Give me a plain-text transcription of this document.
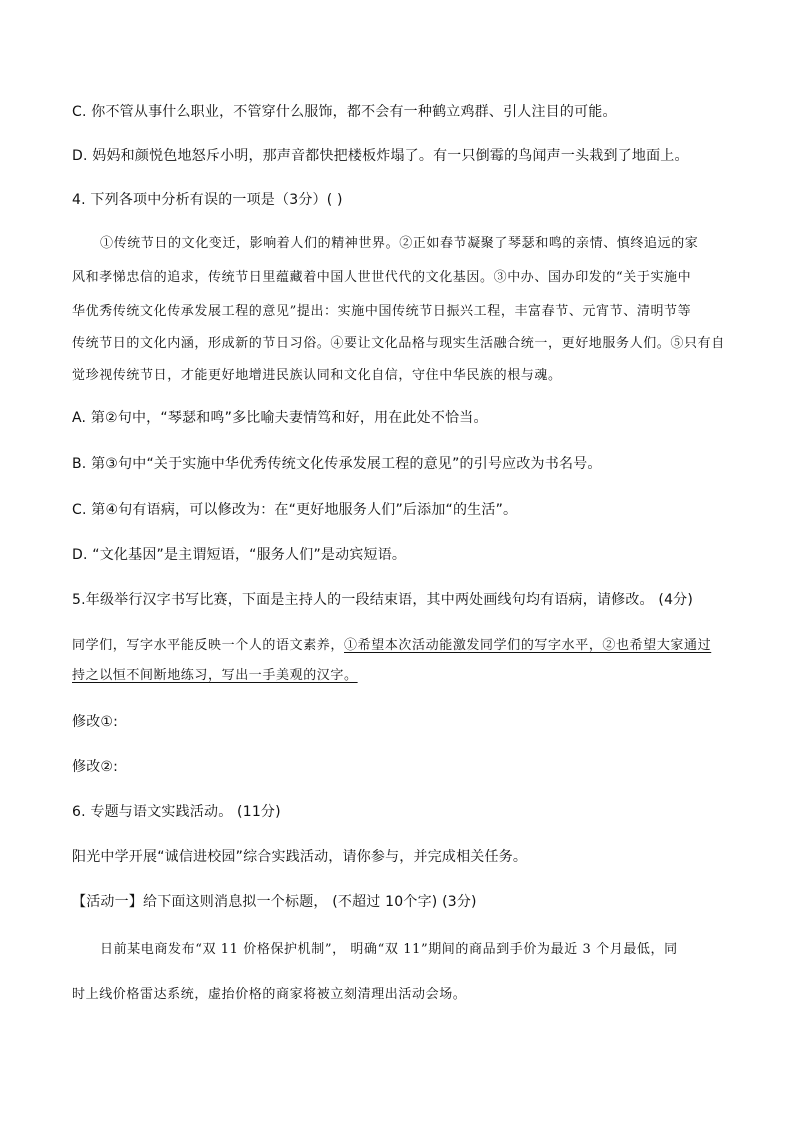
C. 你不管从事什么职业，不管穿什么服饰，都不会有一种鹤立鸡群、引人注目的可能。
D. 妈妈和颜悦色地怒斥小明，那声音都快把楼板炸塌了。有一只倒霉的鸟闻声一头栽到了地面上。
4. 下列各项中分析有误的一项是（3分）( )
①传统节日的文化变迁，影响着人们的精神世界。②正如春节凝聚了琴瑟和鸣的亲情、慎终追远的家
风和孝悌忠信的追求，传统节日里蕴藏着中国人世世代代的文化基因。③中办、国办印发的“关于实施中
华优秀传统文化传承发展工程的意见”提出：实施中国传统节日振兴工程，丰富春节、元宵节、清明节等
传统节日的文化内涵，形成新的节日习俗。④要让文化品格与现实生活融合统一，更好地服务人们。⑤只有自
觉珍视传统节日，才能更好地增进民族认同和文化自信，守住中华民族的根与魂。
A. 第②句中，“琴瑟和鸣”多比喻夫妻情笃和好，用在此处不恰当。
B. 第③句中“关于实施中华优秀传统文化传承发展工程的意见”的引号应改为书名号。
C. 第④句有语病，可以修改为：在“更好地服务人们”后添加“的生活”。
D. “文化基因”是主谓短语，“服务人们”是动宾短语。
5.年级举行汉字书写比赛，下面是主持人的一段结束语，其中两处画线句均有语病，请修改。 (4分)
同学们，写字水平能反映一个人的语文素养，①希望本次活动能激发同学们的写字水平，②也希望大家通过
持之以恒不间断地练习，写出一手美观的汉字。
修改①:
修改②:
6. 专题与语文实践活动。 (11分)
阳光中学开展“诚信进校园”综合实践活动，请你参与，并完成相关任务。
【活动一】给下面这则消息拟一个标题， (不超过 10个字) (3分)
日前某电商发布“双 11 价格保护机制”， 明确“双 11”期间的商品到手价为最近 3 个月最低，同
时上线价格雷达系统，虚抬价格的商家将被立刻清理出活动会场。
